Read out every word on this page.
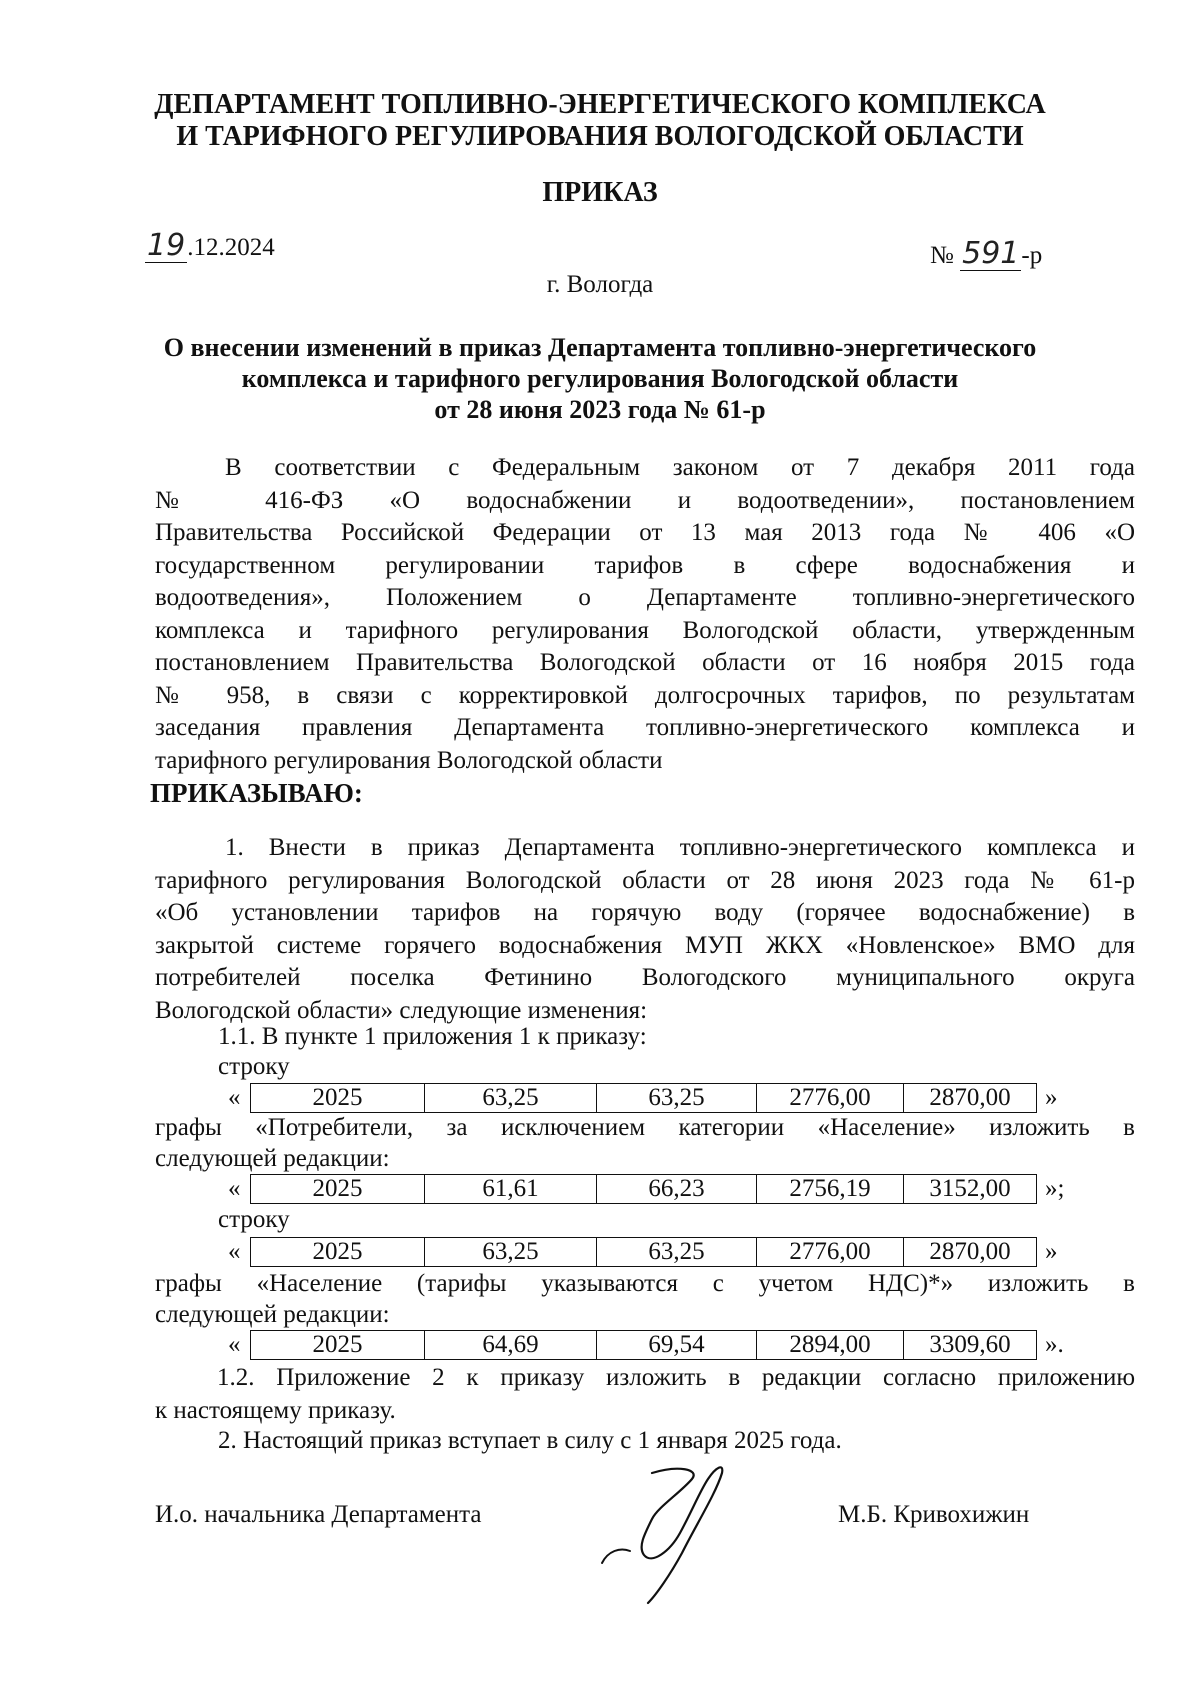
ДЕПАРТАМЕНТ ТОПЛИВНО-ЭНЕРГЕТИЧЕСКОГО КОМПЛЕКСА
И ТАРИФНОГО РЕГУЛИРОВАНИЯ ВОЛОГОДСКОЙ ОБЛАСТИ
ПРИКАЗ
19.12.2024	№ 591-р
г. Вологда
О внесении изменений в приказ Департамента топливно-энергетического
комплекса и тарифного регулирования Вологодской области
от 28 июня 2023 года № 61-р
В соответствии с Федеральным законом от 7 декабря 2011 года
№ 416-ФЗ «О водоснабжении и водоотведении», постановлением
Правительства Российской Федерации от 13 мая 2013 года № 406 «О
государственном регулировании тарифов в сфере водоснабжения и
водоотведения», Положением о Департаменте топливно-энергетического
комплекса и тарифного регулирования Вологодской области, утвержденным
постановлением Правительства Вологодской области от 16 ноября 2015 года
№ 958, в связи с корректировкой долгосрочных тарифов, по результатам
заседания правления Департамента топливно-энергетического комплекса и
тарифного регулирования Вологодской области
ПРИКАЗЫВАЮ:
1. Внести в приказ Департамента топливно-энергетического комплекса и
тарифного регулирования Вологодской области от 28 июня 2023 года № 61-р
«Об установлении тарифов на горячую воду (горячее водоснабжение) в
закрытой системе горячего водоснабжения МУП ЖКХ «Новленское» ВМО для
потребителей поселка Фетинино Вологодского муниципального округа
Вологодской области» следующие изменения:
1.1. В пункте 1 приложения 1 к приказу:
строку
«	2025	63,25	63,25	2776,00	2870,00	»
графы «Потребители, за исключением категории «Население» изложить в
следующей редакции:
«	2025	61,61	66,23	2756,19	3152,00	»;
строку
«	2025	63,25	63,25	2776,00	2870,00	»
графы «Население (тарифы указываются с учетом НДС)*» изложить в
следующей редакции:
«	2025	64,69	69,54	2894,00	3309,60	».
1.2. Приложение 2 к приказу изложить в редакции согласно приложению
к настоящему приказу.
2. Настоящий приказ вступает в силу с 1 января 2025 года.
И.о. начальника Департамента	М.Б. Кривохижин
